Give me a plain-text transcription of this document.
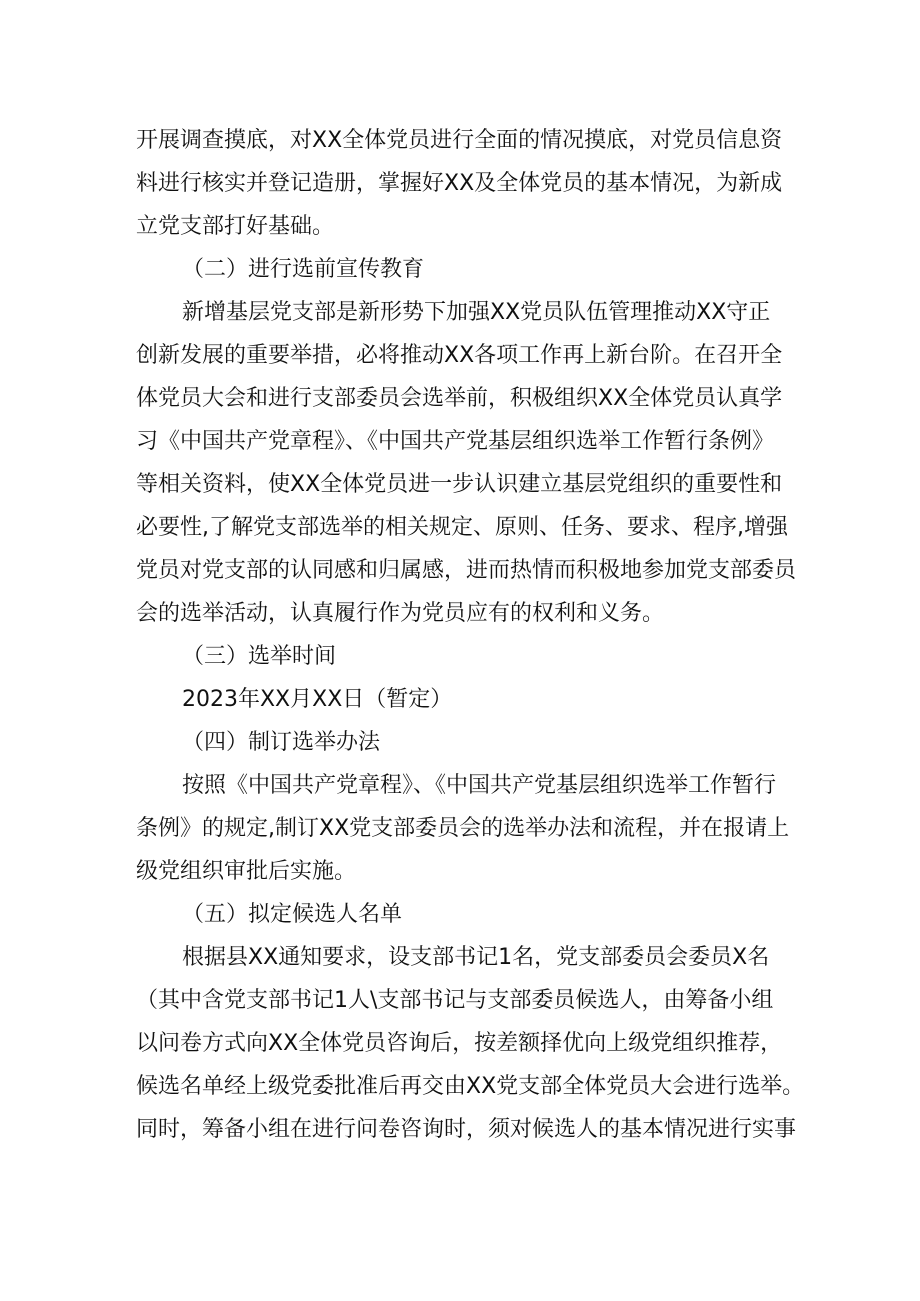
开展调查摸底，对XX全体党员进行全面的情况摸底，对党员信息资
料进行核实并登记造册，掌握好XX及全体党员的基本情况，为新成
立党支部打好基础。
（二）进行选前宣传教育
新增基层党支部是新形势下加强XX党员队伍管理推动XX守正
创新发展的重要举措，必将推动XX各项工作再上新台阶。在召开全
体党员大会和进行支部委员会选举前，积极组织XX全体党员认真学
习《中国共产党章程》、《中国共产党基层组织选举工作暂行条例》
等相关资料，使XX全体党员进一步认识建立基层党组织的重要性和
必要性,了解党支部选举的相关规定、原则、任务、要求、程序,增强
党员对党支部的认同感和归属感，进而热情而积极地参加党支部委员
会的选举活动，认真履行作为党员应有的权利和义务。
（三）选举时间
2023年XX月XX日（暂定）
（四）制订选举办法
按照《中国共产党章程》、《中国共产党基层组织选举工作暂行
条例》的规定,制订XX党支部委员会的选举办法和流程，并在报请上
级党组织审批后实施。
（五）拟定候选人名单
根据县XX通知要求，设支部书记1名，党支部委员会委员X名
（其中含党支部书记1人\支部书记与支部委员候选人，由筹备小组
以问卷方式向XX全体党员咨询后，按差额择优向上级党组织推荐，
候选名单经上级党委批准后再交由XX党支部全体党员大会进行选举。
同时，筹备小组在进行问卷咨询时，须对候选人的基本情况进行实事
